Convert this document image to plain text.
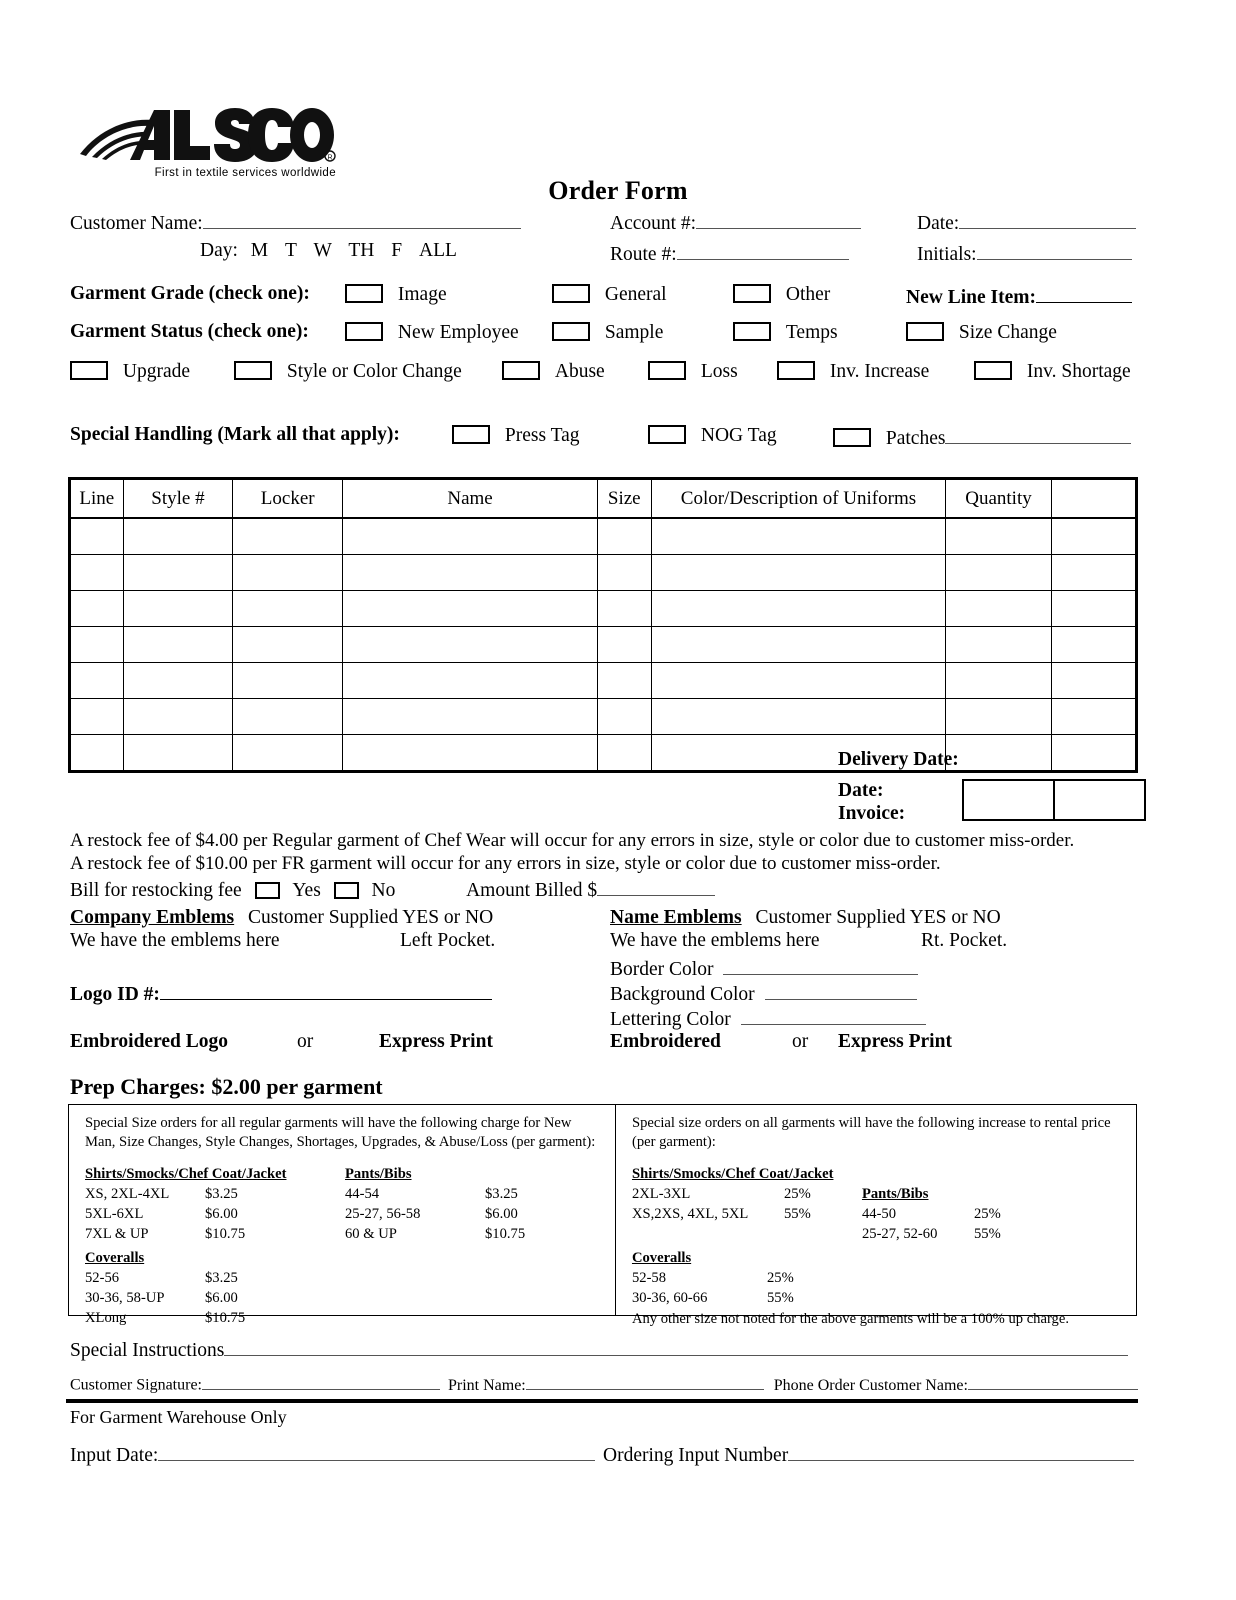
R
First in textile services worldwide
Order Form
Customer Name:
Day: M T W TH F ALL
Account #:
Route #:
Date:
Initials:
Garment Grade (check one):	Image	General	Other	New Line Item:
Garment Status (check one):	New Employee	Sample	Temps	Size Change
Upgrade	Style or Color Change	Abuse	Loss	Inv. Increase	Inv. Shortage
Special Handling (Mark all that apply):	Press Tag	NOG Tag	Patches
Line	Style #	Locker	Name	Size	Color/Description of Uniforms	Quantity	

Delivery Date:
Date:
Invoice:

A restock fee of $4.00 per Regular garment of Chef Wear will occur for any errors in size, style or color due to customer miss-order.
A restock fee of $10.00 per FR garment will occur for any errors in size, style or color due to customer miss-order.
Bill for restocking fee	Yes	No	Amount Billed $
Company Emblems Customer Supplied YES or NO
We have the emblems here	Left Pocket.
Logo ID #:
Embroidered Logo	or	Express Print
Name Emblems Customer Supplied YES or NO
We have the emblems here	Rt. Pocket.
Border Color
Background Color
Lettering Color
Embroidered	or Express Print
Prep Charges: $2.00 per garment
Special Size orders for all regular garments will have the following charge for New Man, Size Changes, Style Changes, Shortages, Upgrades, & Abuse/Loss (per garment):
Shirts/Smocks/Chef Coat/Jacket			Pants/Bibs	
XS, 2XL-4XL	$3.25		44-54	$3.25
5XL-6XL	$6.00		25-27, 56-58	$6.00
7XL & UP	$10.75		60 & UP	$10.75
Coveralls	
52-56	$3.25
30-36, 58-UP	$6.00
XLong	$10.75
Special size orders on all garments will have the following increase to rental price (per garment):
Shirts/Smocks/Chef Coat/Jacket
2XL-3XL	25%	Pants/Bibs	
XS,2XS, 4XL, 5XL	55%	44-50	25%
		25-27, 52-60	55%
Coveralls	
52-58	25%
30-36, 60-66	55%
Any other size not noted for the above garments will be a 100% up charge.
Special Instructions
Customer Signature:	Print Name:	Phone Order Customer Name:
For Garment Warehouse Only
Input Date:	Ordering Input Number
